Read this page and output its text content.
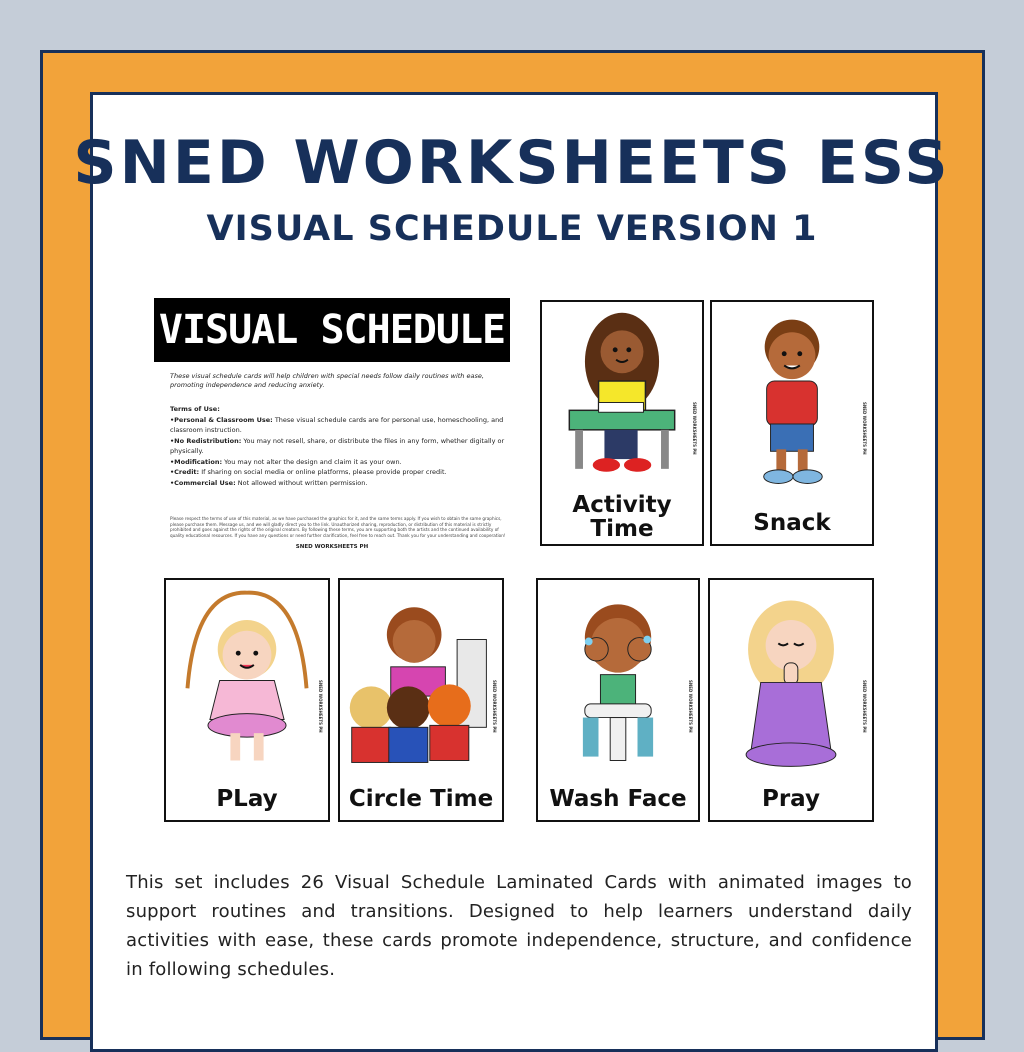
SNED WORKSHEETS ESS
VISUAL SCHEDULE VERSION 1
VISUAL SCHEDULE
These visual schedule cards will help children with special needs follow daily routines with ease, promoting independence and reducing anxiety.

Terms of Use:

•Personal & Classroom Use: These visual schedule cards are for personal use, homeschooling, and classroom instruction.

•No Redistribution: You may not resell, share, or distribute the files in any form, whether digitally or physically.

•Modification: You may not alter the design and claim it as your own.

•Credit: If sharing on social media or online platforms, please provide proper credit.

•Commercial Use: Not allowed without written permission.

Please respect the terms of use of this material, as we have purchased the graphics for it, and the same terms apply. If you wish to obtain the same graphics, please purchase them. Message us, and we will gladly direct you to the link. Unauthorized sharing, reproduction, or distribution of this material is strictly prohibited and goes against the rights of the original creators. By following these terms, you are supporting both the artists and the continued availability of quality educational resources. If you have any questions or need further clarification, feel free to reach out. Thank you for your understanding and cooperation!
SNED WORKSHEETS PH
Activity
Time
SNED WORKSHEETS PH
Snack
SNED WORKSHEETS PH
PLay
SNED WORKSHEETS PH
Circle Time
SNED WORKSHEETS PH
Wash Face
SNED WORKSHEETS PH
Pray
SNED WORKSHEETS PH
This set includes 26 Visual Schedule Laminated Cards with animated images to support routines and transitions. Designed to help learners understand daily activities with ease, these cards promote independence, structure, and confidence in following schedules.
